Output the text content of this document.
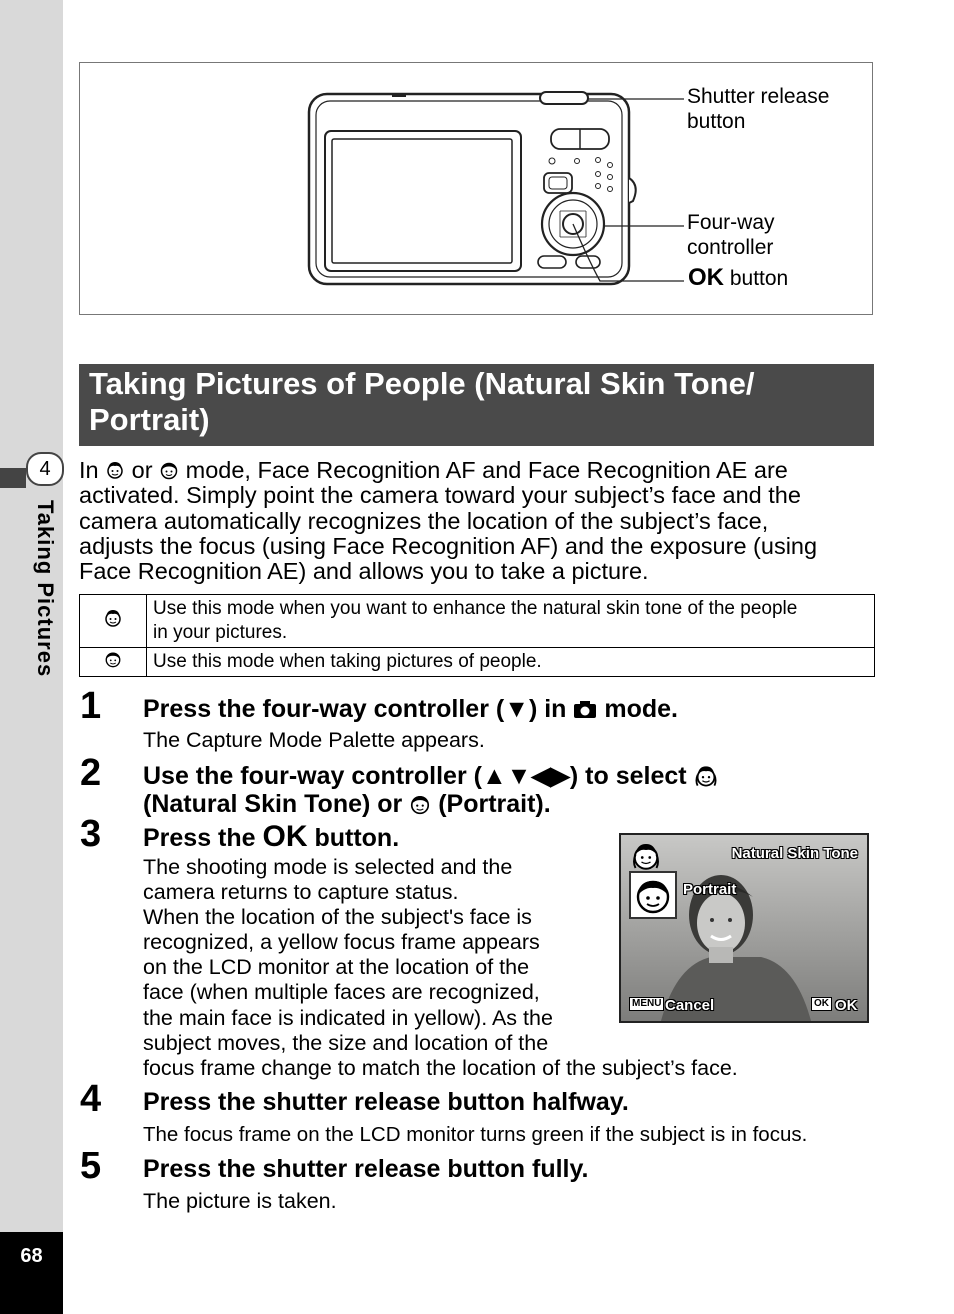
4
Taking Pictures
68
Shutter release button
Four-way controller
OK button
Taking Pictures of People (Natural Skin Tone/ Portrait)
In or mode, Face Recognition AF and Face Recognition AE are
activated. Simply point the camera toward your subject’s face and the
camera automatically recognizes the location of the subject’s face,
adjusts the focus (using Face Recognition AF) and the exposure (using
Face Recognition AE) and allows you to take a picture.

Use this mode when you want to enhance the natural skin tone of the people
in your pictures.

Use this mode when taking pictures of people.
1 Press the four-way controller (▼) in mode.
The Capture Mode Palette appears.
2 Use the four-way controller (▲▼◀▶) to select
(Natural Skin Tone) or (Portrait).
3 Press the OK button.
The shooting mode is selected and the
camera returns to capture status.
When the location of the subject's face is
recognized, a yellow focus frame appears
on the LCD monitor at the location of the
face (when multiple faces are recognized,
the main face is indicated in yellow). As the
subject moves, the size and location of the
focus frame change to match the location of the subject’s face.
Natural Skin Tone
Portrait
MENU Cancel	OK OK
4 Press the shutter release button halfway.
The focus frame on the LCD monitor turns green if the subject is in focus.
5 Press the shutter release button fully.
The picture is taken.
